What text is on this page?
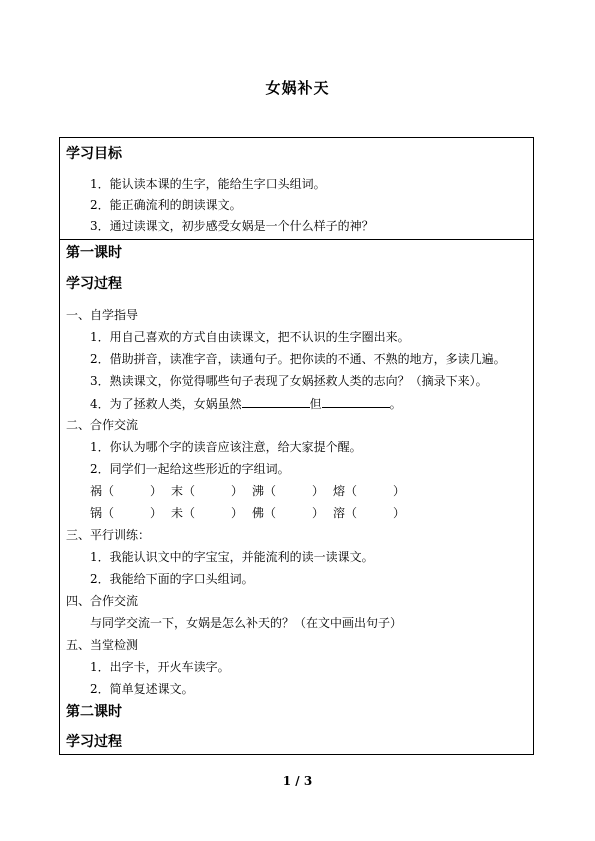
女娲补天
学习目标
1．能认读本课的生字，能给生字口头组词。
2．能正确流利的朗读课文。
3．通过读课文，初步感受女娲是一个什么样子的神？
第一课时
学习过程
一、自学指导
1．用自己喜欢的方式自由读课文，把不认识的生字圈出来。
2．借助拼音，读准字音，读通句子。把你读的不通、不熟的地方，多读几遍。
3．熟读课文，你觉得哪些句子表现了女娲拯救人类的志向？（摘录下来）。
4．为了拯救人类，女娲虽然	但	。
二、合作交流
1．你认为哪个字的读音应该注意，给大家提个醒。
2．同学们一起给这些形近的字组词。
祸（　　　） 末（　　　） 沸（　　　） 熔（　　　）
锅（　　　） 未（　　　） 佛（　　　） 溶（　　　）
三、平行训练：
1．我能认识文中的字宝宝，并能流利的读一读课文。
2．我能给下面的字口头组词。
四、合作交流
与同学交流一下，女娲是怎么补天的？（在文中画出句子）
五、当堂检测
1．出字卡，开火车读字。
2．简单复述课文。
第二课时
学习过程
1 / 3
